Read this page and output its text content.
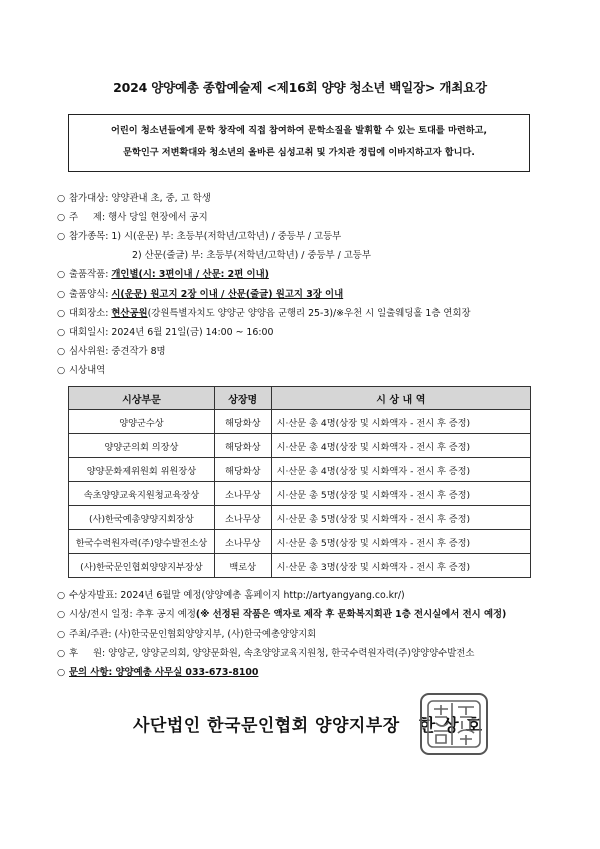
2024 양양예총 종합예술제 <제16회 양양 청소년 백일장> 개최요강
어린이 청소년들에게 문학 창작에 직접 참여하여 문학소질을 발휘할 수 있는 토대를 마련하고,
문학인구 저변확대와 청소년의 올바른 심성고취 및 가치관 정립에 이바지하고자 합니다.
○ 참가대상: 양양관내 초, 중, 고 학생
○ 주     제: 행사 당일 현장에서 공지
○ 참가종목: 1) 시(운문) 부: 초등부(저학년/고학년) / 중등부 / 고등부
2) 산문(줄글) 부: 초등부(저학년/고학년) / 중등부 / 고등부
○ 출품작품: 개인별(시: 3편이내 / 산문: 2편 이내)
○ 출품양식: 시(운문) 원고지 2장 이내 / 산문(줄글) 원고지 3장 이내
○ 대회장소: 현산공원(강원특별자치도 양양군 양양읍 군행리 25-3)/※우천 시 일출웨딩홀 1층 연회장
○ 대회일시: 2024년 6월 21일(금) 14:00 ~ 16:00
○ 심사위원: 중견작가 8명
○ 시상내역
○ 수상자발표: 2024년 6월말 예정(양양예총 홈페이지 http://artyangyang.co.kr/)
○ 시상/전시 일정: 추후 공지 예정(※ 선정된 작품은 액자로 제작 후 문화복지회관 1층 전시실에서 전시 예정)
○ 주최/주관: (사)한국문인협회양양지부, (사)한국예총양양지회
○ 후     원: 양양군, 양양군의회, 양양문화원, 속초양양교육지원청, 한국수력원자력(주)양양양수발전소
○ 문의 사항: 양양예총 사무실 033-673-8100
시상부문	상장명	시 상 내 역
양양군수상	해당화상	시·산문 총 4명(상장 및 시화액자 - 전시 후 증정)
양양군의회 의장상	해당화상	시·산문 총 4명(상장 및 시화액자 - 전시 후 증정)
양양문화제위원회 위원장상	해당화상	시·산문 총 4명(상장 및 시화액자 - 전시 후 증정)
속초양양교육지원청교육장상	소나무상	시·산문 총 5명(상장 및 시화액자 - 전시 후 증정)
(사)한국예총양양지회장상	소나무상	시·산문 총 5명(상장 및 시화액자 - 전시 후 증정)
한국수력원자력(주)양수발전소상	소나무상	시·산문 총 5명(상장 및 시화액자 - 전시 후 증정)
(사)한국문인협회양양지부장상	백로상	시·산문 총 3명(상장 및 시화액자 - 전시 후 증정)
사단법인 한국문인협회 양양지부장   한 상 호
